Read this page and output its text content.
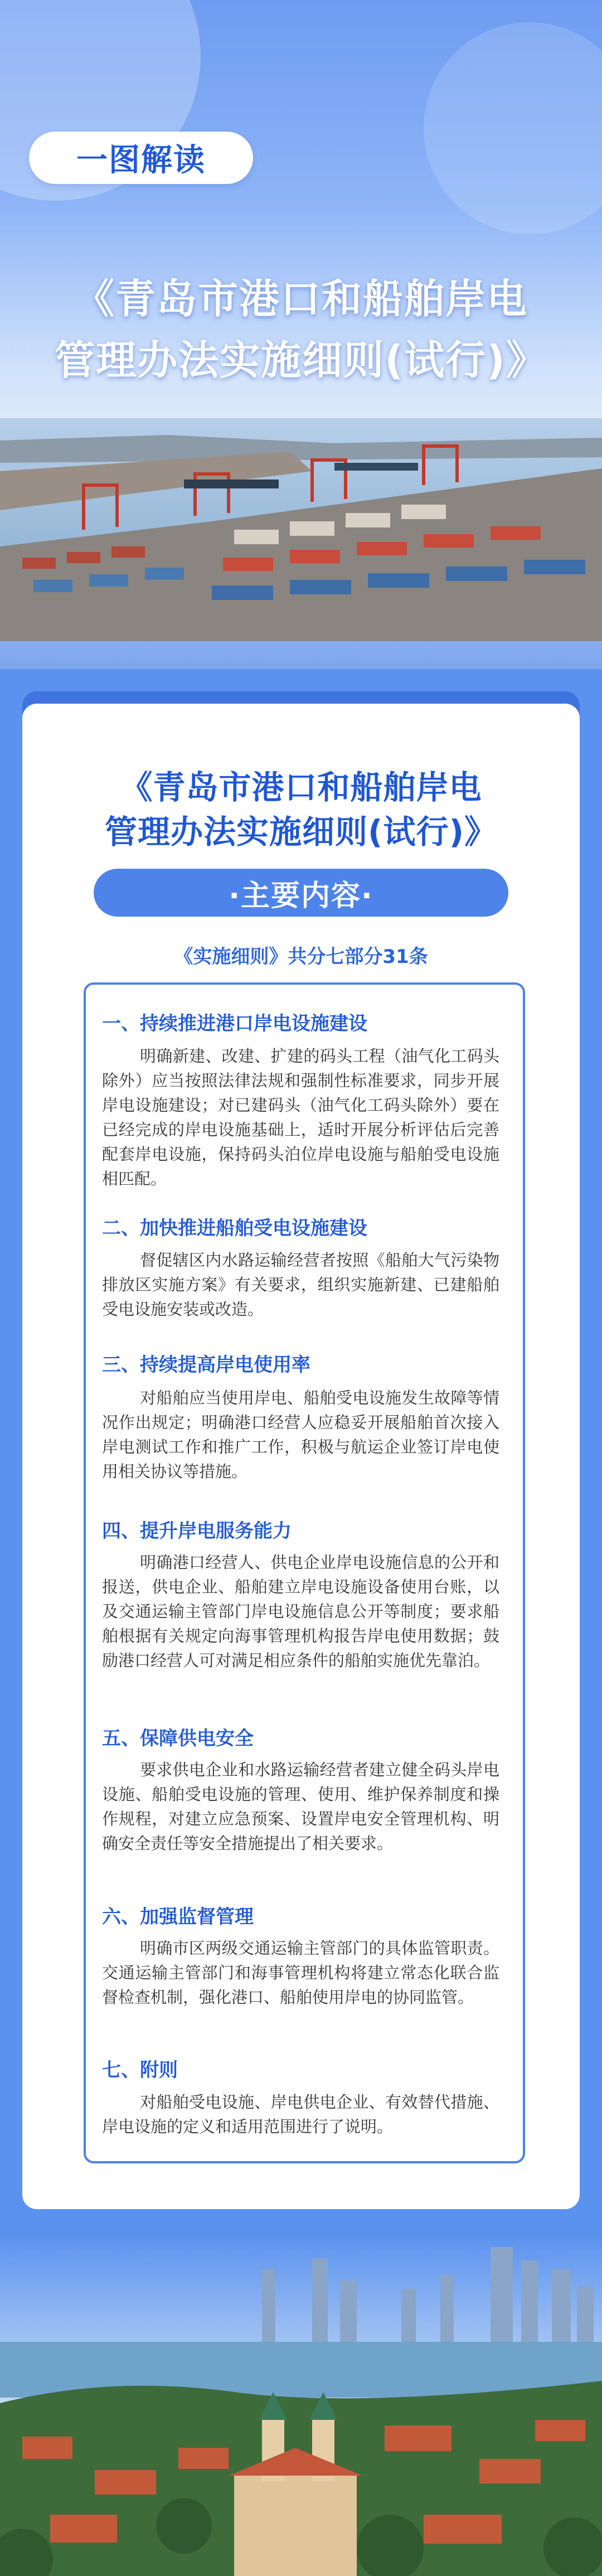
一图解读
《青岛市港口和船舶岸电
管理办法实施细则(试行)》
《青岛市港口和船舶岸电
管理办法实施细则(试行)》
·主要内容·
《实施细则》共分七部分31条
一、持续推进港口岸电设施建设

明确新建、改建、扩建的码头工程（油气化工码头除外）应当按照法律法规和强制性标准要求，同步开展岸电设施建设；对已建码头（油气化工码头除外）要在已经完成的岸电设施基础上，适时开展分析评估后完善配套岸电设施，保持码头泊位岸电设施与船舶受电设施相匹配。

二、加快推进船舶受电设施建设

督促辖区内水路运输经营者按照《船舶大气污染物排放区实施方案》有关要求，组织实施新建、已建船舶受电设施安装或改造。

三、持续提高岸电使用率

对船舶应当使用岸电、船舶受电设施发生故障等情况作出规定；明确港口经营人应稳妥开展船舶首次接入岸电测试工作和推广工作，积极与航运企业签订岸电使用相关协议等措施。

四、提升岸电服务能力

明确港口经营人、供电企业岸电设施信息的公开和报送，供电企业、船舶建立岸电设施设备使用台账，以及交通运输主管部门岸电设施信息公开等制度；要求船舶根据有关规定向海事管理机构报告岸电使用数据；鼓励港口经营人可对满足相应条件的船舶实施优先靠泊。

五、保障供电安全

要求供电企业和水路运输经营者建立健全码头岸电设施、船舶受电设施的管理、使用、维护保养制度和操作规程，对建立应急预案、设置岸电安全管理机构、明确安全责任等安全措施提出了相关要求。

六、加强监督管理

明确市区两级交通运输主管部门的具体监管职责。交通运输主管部门和海事管理机构将建立常态化联合监督检查机制，强化港口、船舶使用岸电的协同监管。

七、附则

对船舶受电设施、岸电供电企业、有效替代措施、岸电设施的定义和适用范围进行了说明。
